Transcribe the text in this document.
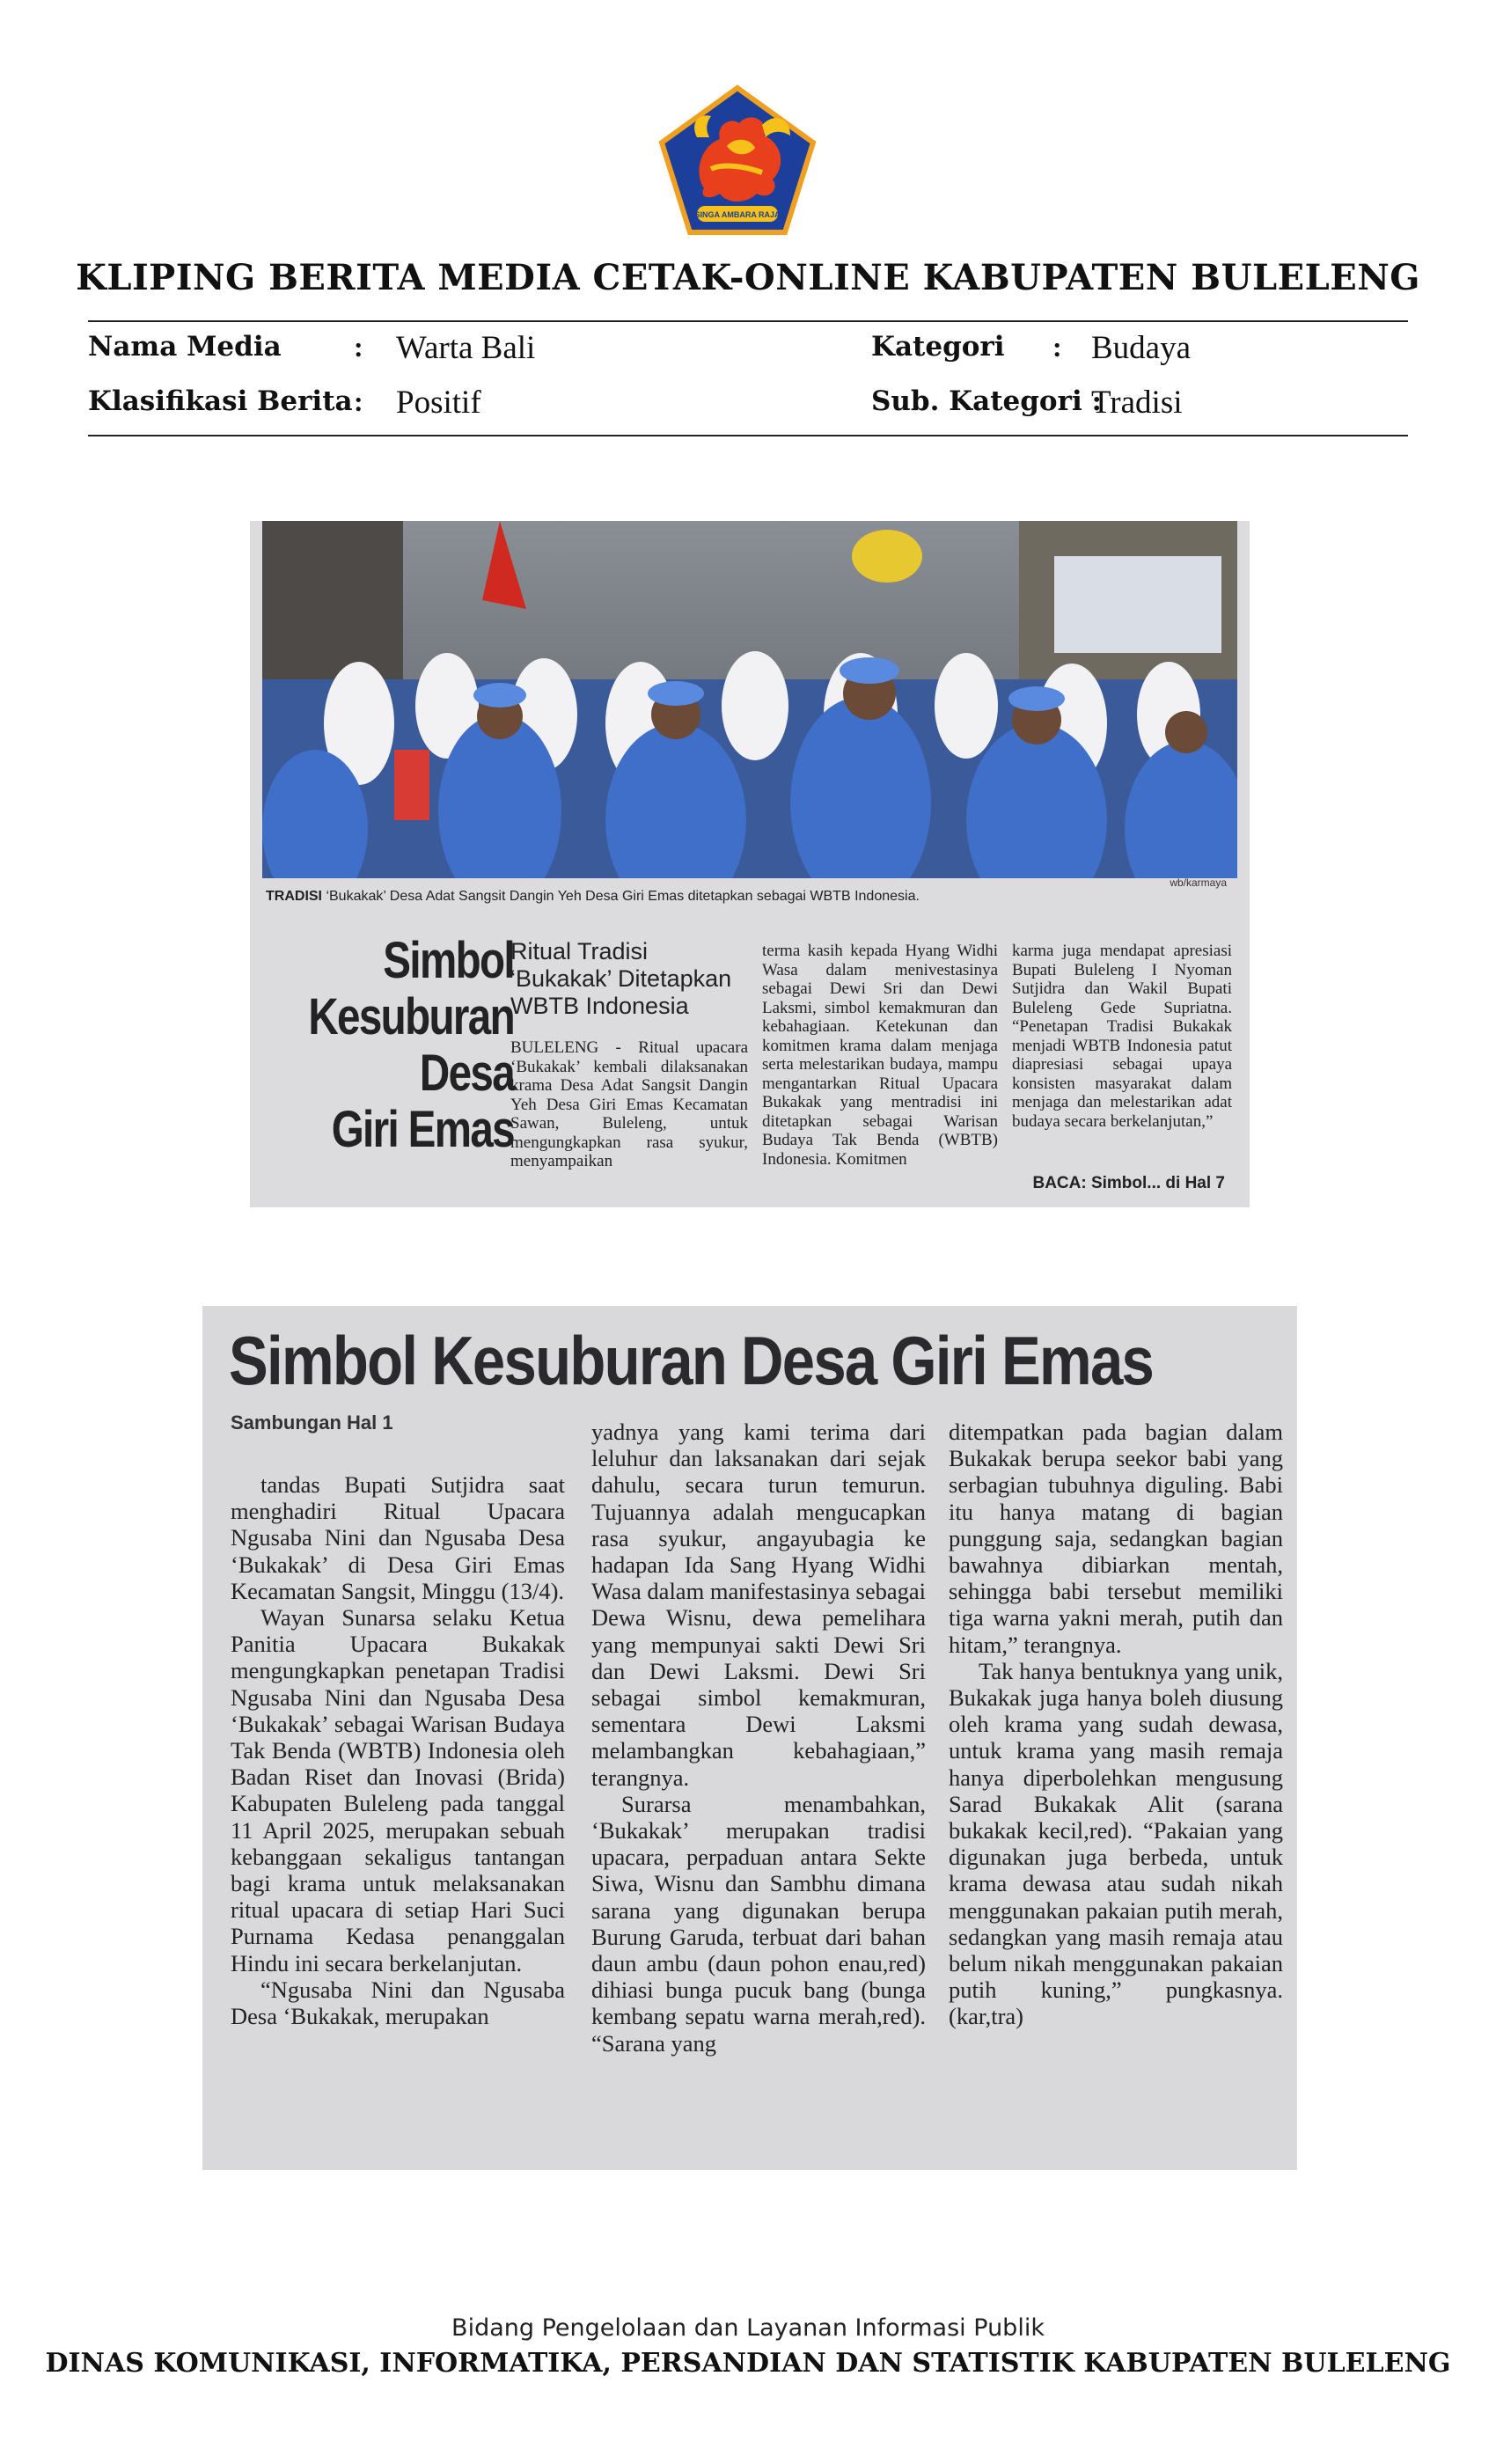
SINGA AMBARA RAJA
KLIPING BERITA MEDIA CETAK-ONLINE KABUPATEN BULELENG
Nama Media	: Warta Bali
Klasifikasi Berita : Positif
Kategori : Budaya
Sub. Kategori :
Tradisi
wb/karmaya
TRADISI ‘Bukakak’ Desa Adat Sangsit Dangin Yeh Desa Giri Emas ditetapkan sebagai WBTB Indonesia.
Simbol
Kesuburan
Desa
Giri Emas
Ritual Tradisi
‘Bukakak’ Ditetapkan
WBTB Indonesia
BULELENG - Ritual upacara ‘Bukakak’ kembali dilaksanakan krama Desa Adat Sangsit Dangin Yeh Desa Giri Emas Kecamatan Sawan, Buleleng, untuk mengungkapkan rasa syukur, menyampaikan
terma kasih kepada Hyang Widhi Wasa dalam menivestasinya sebagai Dewi Sri dan Dewi Laksmi, simbol kemakmuran dan kebahagiaan. Ketekunan dan komitmen krama dalam menjaga serta melestarikan budaya, mampu mengantarkan Ritual Upacara Bukakak yang mentradisi ini ditetapkan sebagai Warisan Budaya Tak Benda (WBTB) Indonesia. Komitmen
karma juga mendapat apresiasi Bupati Buleleng I Nyoman Sutjidra dan Wakil Bupati Buleleng Gede Supriatna. “Penetapan Tradisi Bukakak menjadi WBTB Indonesia patut diapresiasi sebagai upaya konsisten masyarakat dalam menjaga dan melestarikan adat budaya secara berkelanjutan,”
BACA: Simbol... di Hal 7
Simbol Kesuburan Desa Giri Emas
Sambungan Hal 1

tandas Bupati Sutjidra saat menghadiri Ritual Upacara Ngusaba Nini dan Ngusaba Desa ‘Bukakak’ di Desa Giri Emas Kecamatan Sangsit, Minggu (13/4).

Wayan Sunarsa selaku Ketua Panitia Upacara Bukakak mengungkapkan penetapan Tradisi Ngusaba Nini dan Ngusaba Desa ‘Bukakak’ sebagai Warisan Budaya Tak Benda (WBTB) Indonesia oleh Badan Riset dan Inovasi (Brida) Kabupaten Buleleng pada tanggal 11 April 2025, merupakan sebuah kebanggaan sekaligus tantangan bagi krama untuk melaksanakan ritual upacara di setiap Hari Suci Purnama Kedasa penanggalan Hindu ini secara berkelanjutan.

“Ngusaba Nini dan Ngusaba Desa ‘Bukakak, merupakan

yadnya yang kami terima dari leluhur dan laksanakan dari sejak dahulu, secara turun temurun. Tujuannya adalah mengucapkan rasa syukur, angayubagia ke hadapan Ida Sang Hyang Widhi Wasa dalam manifestasinya sebagai Dewa Wisnu, dewa pemelihara yang mempunyai sakti Dewi Sri dan Dewi Laksmi. Dewi Sri sebagai simbol kemakmuran, sementara Dewi Laksmi melambangkan kebahagiaan,” terangnya.

Surarsa menambahkan, ‘Bukakak’ merupakan tradisi upacara, perpaduan antara Sekte Siwa, Wisnu dan Sambhu dimana sarana yang digunakan berupa Burung Garuda, terbuat dari bahan daun ambu (daun pohon enau,red) dihiasi bunga pucuk bang (bunga kembang sepatu warna merah,red). “Sarana yang

ditempatkan pada bagian dalam Bukakak berupa seekor babi yang serbagian tubuhnya diguling. Babi itu hanya matang di bagian punggung saja, sedangkan bagian bawahnya dibiarkan mentah, sehingga babi tersebut memiliki tiga warna yakni merah, putih dan hitam,” terangnya.

Tak hanya bentuknya yang unik, Bukakak juga hanya boleh diusung oleh krama yang sudah dewasa, untuk krama yang masih remaja hanya diperbolehkan mengusung Sarad Bukakak Alit (sarana bukakak kecil,red). “Pakaian yang digunakan juga berbeda, untuk krama dewasa atau sudah nikah menggunakan pakaian putih merah, sedangkan yang masih remaja atau belum nikah menggunakan pakaian putih kuning,” pungkasnya. (kar,tra)

Bidang Pengelolaan dan Layanan Informasi Publik
DINAS KOMUNIKASI, INFORMATIKA, PERSANDIAN DAN STATISTIK KABUPATEN BULELENG
